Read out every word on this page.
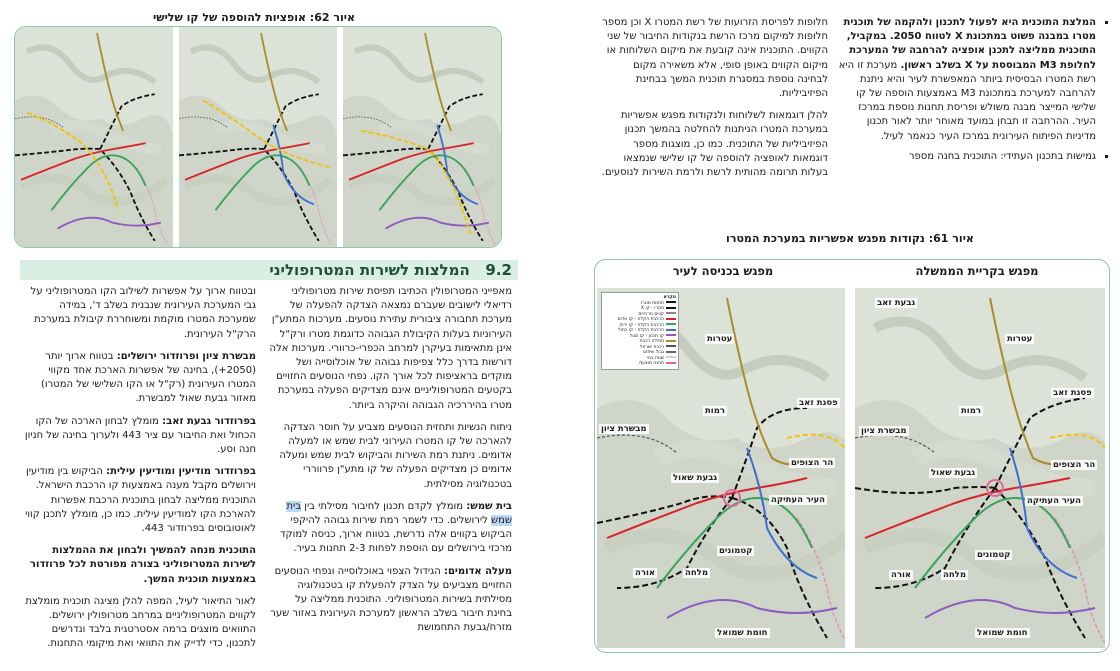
▪ המלצת התוכנית היא לפעול לתכנון ולהקמה של תוכנית מטרו במבנה פשוט במתכונת X לטווח 2050. במקביל, התוכנית ממליצה לתכנן אופציה להרחבה של המערכת לחלופת M3 המבוססת על X בשלב ראשון. מערכת זו היא רשת המטרו הבסיסית ביותר המאפשרת לעיר והיא ניתנת להרחבה למערכת במתכונת M3 באמצעות הוספה של קו שלישי המייצר מבנה משולש ופריסת תחנות נוספת במרכז העיר. ההרחבה זו תבחן במועד מאוחר יותר לאור תכנון מדיניות הפיתוח העירונית במרכז העיר כנאמר לעיל.
▪ גמישות בתכנון העתידי: התוכנית בחנה מספר

חלופות לפריסת הזרועות של רשת המטרו X וכן מספר חלופות למיקום מרכז הרשת בנקודות החיבור של שני הקווים. התוכנית אינה קובעת את מיקום השלוחות או מיקום הקווים באופן סופי, אלא משאירה מקום לבחינה נוספת במסגרת תוכנית המשך בבחינת הפיזיביליות.

להלן דוגמאות לשלוחות ולנקודות מפגש אפשריות במערכת המטרו הניתנות להחלטה בהמשך תכנון הפיזיביליות של התוכנית. כמו כן, מוצגות מספר דוגמאות לאופציה להוספה של קו שלישי שנמצאו בעלות תרומה מהותית לרשת ולרמת השירות לנוסעים.

איור 61: נקודות מפגש אפשריות במערכת המטרו
מפגש בכניסה לעיר	מפגש בקריית הממשלה
מקרא
תחנות מטרו
מטרו - קו X
קווים מרכזיים
הרכבת הקלה - קו אדום
הרכבת הקלה - קו ירוק
הרכבת הקלה - קו כחול
קו תכנון - קו סגול
מסילה רכבת
רכבת ישראל
גבול שיפוט
שטח בנוי
תחנה מוצעת
עטרות
פסגת זאב
רמות
מבשרת ציון
הר הצופים
גבעת שאול
העיר העתיקה
קטמונים
מלחה
אורה
חומת שמואל
גבעת זאב
עטרות
פסגת זאב
רמות
מבשרת ציון
הר הצופים
גבעת שאול
העיר העתיקה
קטמונים
מלחה
אורה
חומת שמואל
איור 62: אופציות להוספה של קו שלישי
9.2   המלצות לשירות המטרופוליני

מאפייני המטרופולין הכתיבו תפיסת שירות מטרופוליני רדיאלי לישובים שעברם נמצאה הצדקה להפעלה של מערכת תחבורה ציבורית עתירת נוסעים. מערכות המתע"ן העירוניות בעלות הקיבולת הגבוהה כדוגמת מטרו ורק"ל אינן מתאימות בעיקרן למרחב הכפרי-כרוורי. מערכות אלה דורשות בדרך כלל צפיפות גבוהה של אוכלוסייה ושל מוקדים בראציפות לכל אורך הקו. נפחי הנוסעים החזויים בקטעים המטרופוליניים אינם מצדיקים הפעלה במערכת מטרו בהיררכיה הגבוהה והיקרה ביותר.

ניתוח הנשיות ותחזית הנוסעים מצביע על חוסר הצדקה להארכה של קו המטרו העירוני לבית שמש או למעלה אדומים. ניתנת רמת השירות והביקוש לבית שמש ומעלה אדומים כן מצדיקים הפעלה של קו מתע"ן פרווררי בטכנולוגיה מסילתית.

בית שמש: מומלץ לקדם תכנון לחיבור מסילתי בין בית שמש לירושלים. כדי לשמר רמת שירות גבוהה להיקפי הביקוש בקווים אלה נדרשת, בטווח ארוך, כניסה למוקד מרכזי בירושלים עם הוספת לפחות 2-3 תחנות בעיר.

מעלה אדומים: הגידול הצפוי באוכלוסייה ונפחי הנוסעים החזויים מצביעים על הצדק להפעלת קו בטכנולוגיה מסילתית בשירות המטרופוליני. התוכנית ממליצה על בחינת חיבור בשלב הראשון למערכת העירונית באזור שער מזרח/גבעת התחמושת

ובטווח ארוך על אפשרות לשילוב הקו המטרופוליני על גבי המערכת העירונית שנבנית בשלב ד', במידה שמערכת המטרו מוקמת ומשוחררת קיבולת במערכת הרק"ל העירונית.

מבשרת ציון ופרוזדור ירושלים: בטווח ארוך יותר (2050+), בחינה של אפשרות הארכת אחד מקווי המטרו העירונית (רק"ל או הקו השלישי של המטרו) מאזור גבעת שאול למבשרת.

בפרוזדור גבעת זאב: מומלץ לבחון הארכה של הקו הכחול ואת החיבור עם ציר 443 ולערוך בחינה של חניון חנה וסע.

בפרוזדור מודיעין ומודיעין עילית: הביקוש בין מודיעין וירושלים מקבל מענה באמצעות קו הרכבת הישראל. התוכנית ממליצה לבחון בתוכנית הרכבת אפשרות להארכת הקו למודיעין עילית. כמו כן, מומלץ לתכנן קווי לאוטובוסים בפרוזדור 443.

התוכנית מנחה להמשיך ולבחון את ההמלצות לשירות המטרופוליני בצורה מפורטת לכל פרוזדור באמצעות תוכנית המשך.

לאור התיאור לעיל, המפה להלן מציגה תוכנית מומלצת לקווים המטרופוליניים במרחב מטרופולין ירושלים. התוואים מוצגים ברמה אסטרטגית בלבד ונדרשים לתכנון, כדי לדייק את התוואי ואת מיקומי התחנות.
